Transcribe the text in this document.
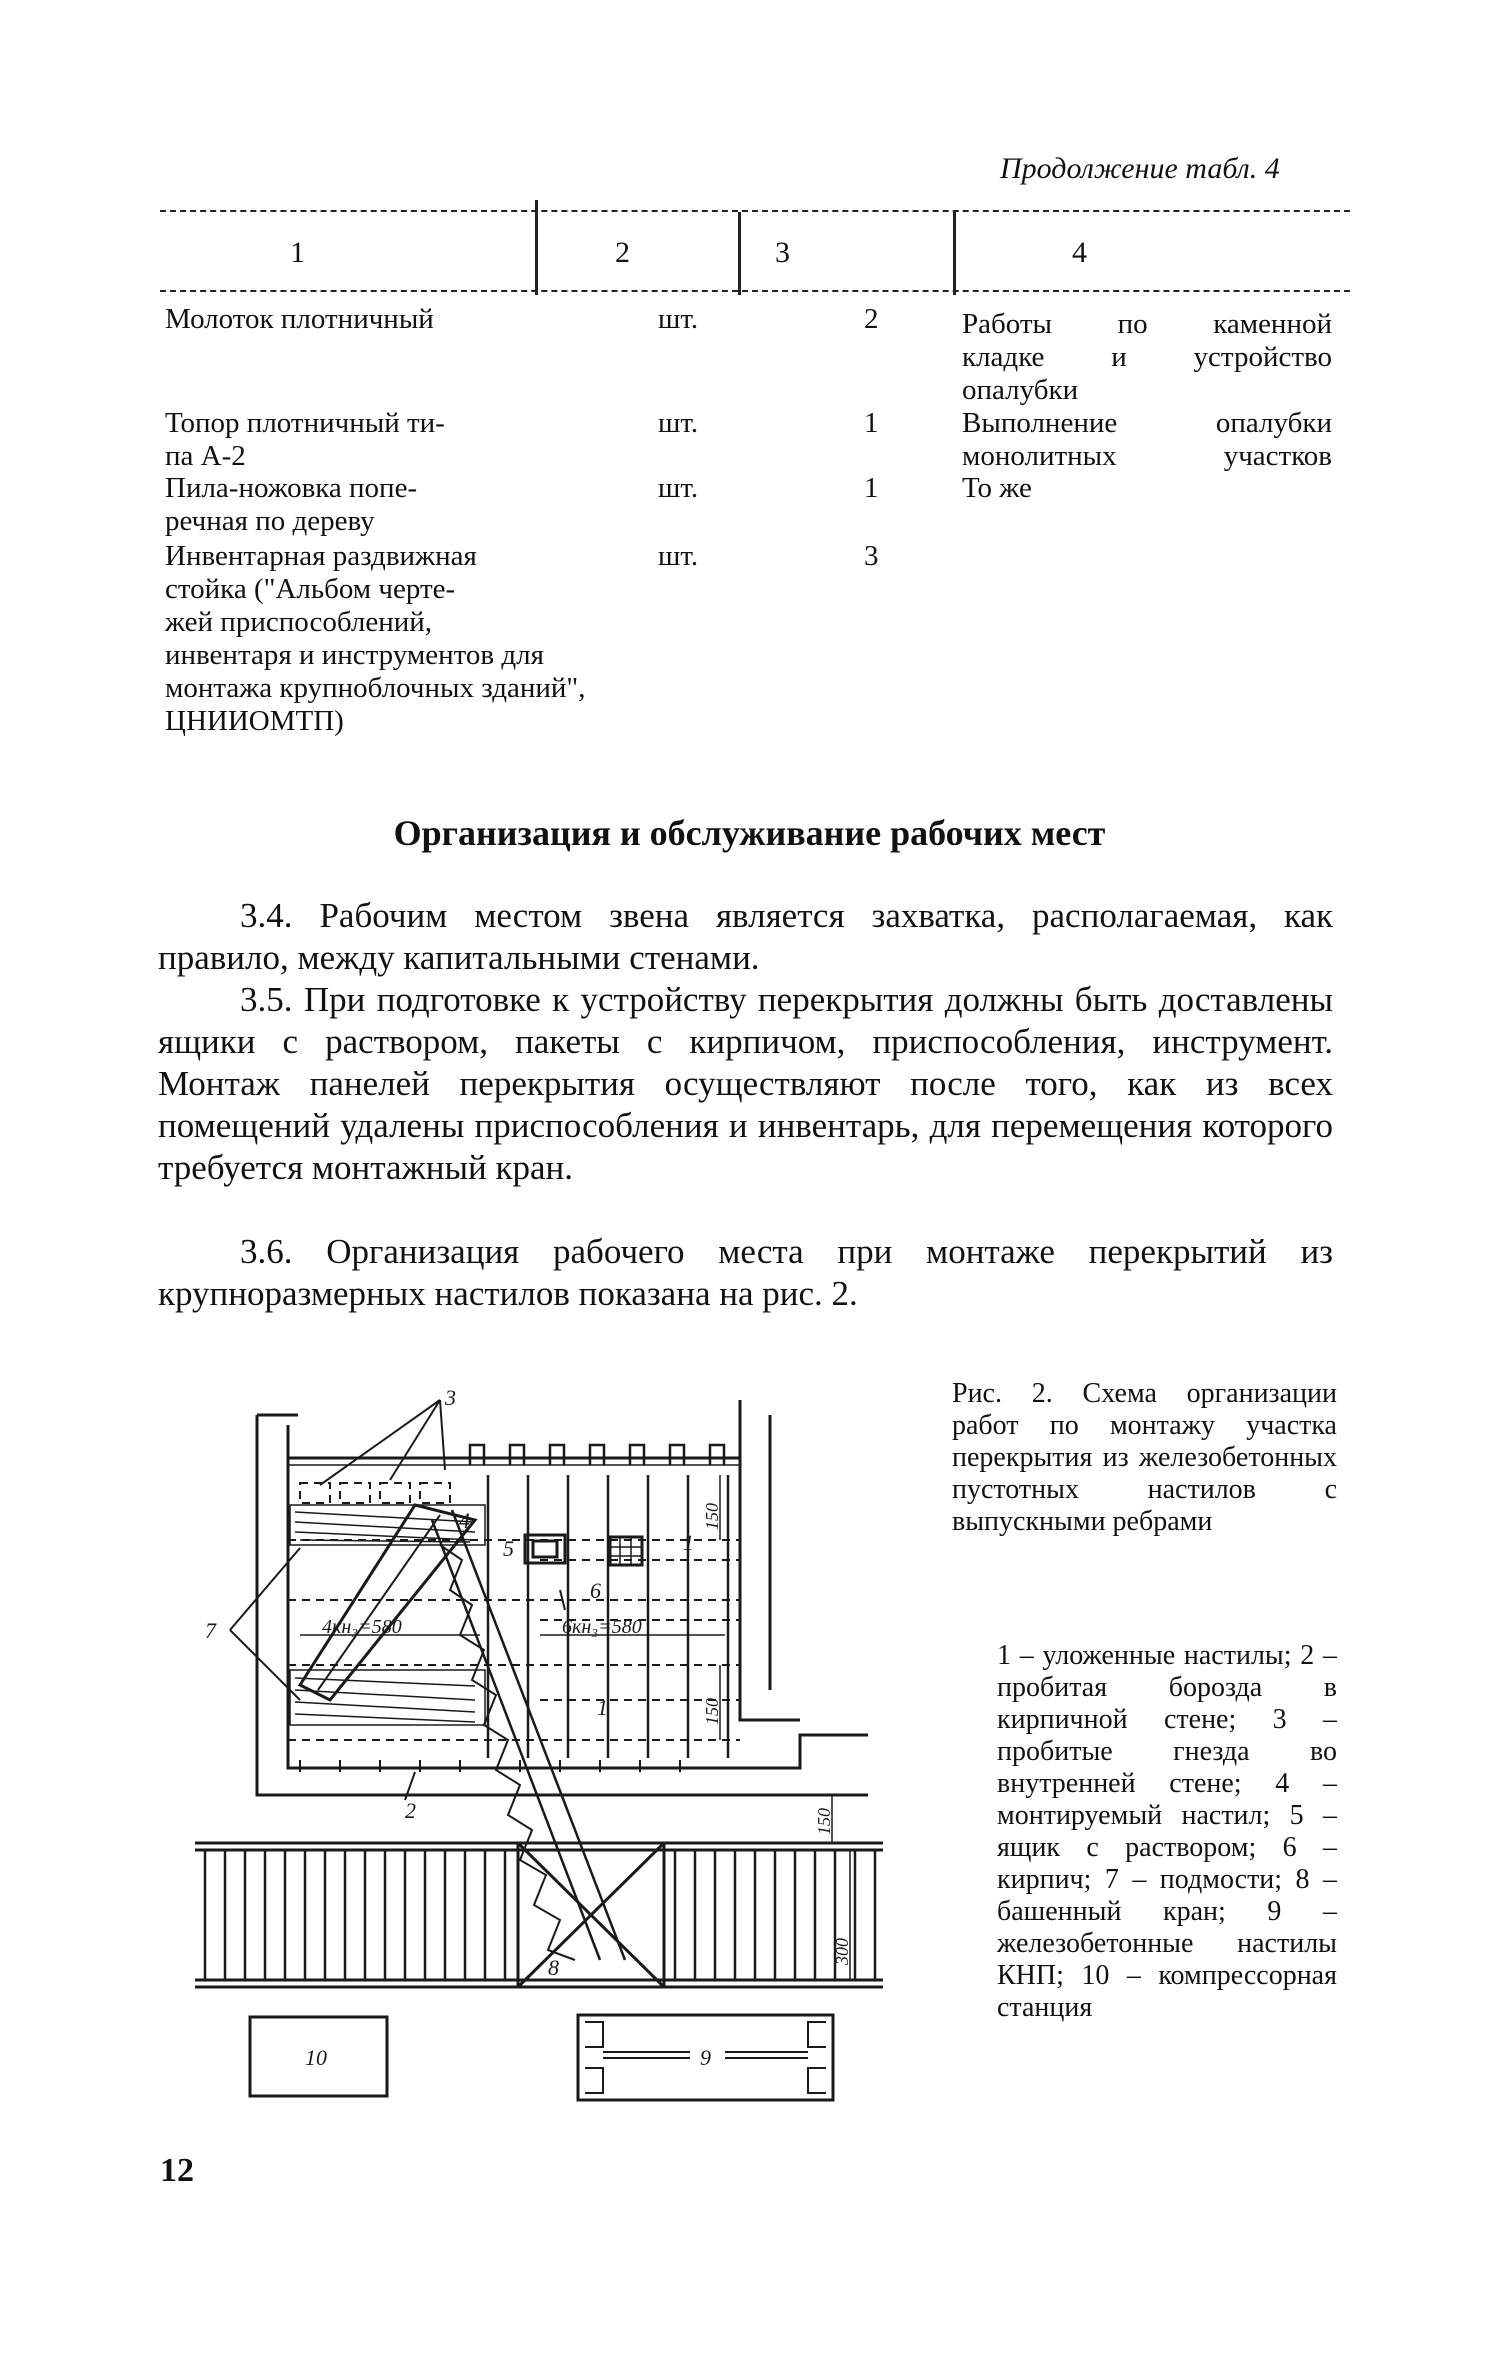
Продолжение табл. 4
1	2	3	4
Молоток плотничный	шт.	2	Работы по каменной
кладке и устройство
опалубки
Топор плотничный ти-
па А-2
шт.	1	Выполнение опалубки
монолитных участков
Пила-ножовка попе-
речная по дереву
шт.	1	То же
Инвентарная раздвижная
стойка ("Альбом черте-
жей приспособлений,
инвентаря и инструментов для
монтажа крупноблочных зданий",
ЦНИИОМТП)
шт.	3
Организация и обслуживание рабочих мест
3.4. Рабочим местом звена является захватка, располагаемая, как правило, между капитальными стенами.
3.5. При подготовке к устройству перекрытия должны быть доставлены ящики с раствором, пакеты с кирпичом, приспособления, инструмент. Монтаж панелей перекрытия осуществляют после того, как из всех помещений удалены приспособления и инвентарь, для перемещения которого требуется монтажный кран.
3.6. Организация рабочего места при монтаже перекрытий из крупноразмерных настилов показана на рис. 2.
3
1
1
2
4
5
6
7
8
9
10
4кн₃=580	6кн₃=580
150
150
150
300
Рис. 2. Схема организации работ по монтажу участка перекрытия из железобетонных пустотных настилов с выпускными ребрами
1 – уложенные настилы; 2 – пробитая борозда в кирпичной стене; 3 – пробитые гнезда во внутренней стене; 4 – монтируемый настил; 5 – ящик с раствором; 6 – кирпич; 7 – подмости; 8 – башенный кран; 9 – железобетонные настилы КНП; 10 – компрессорная станция
12
